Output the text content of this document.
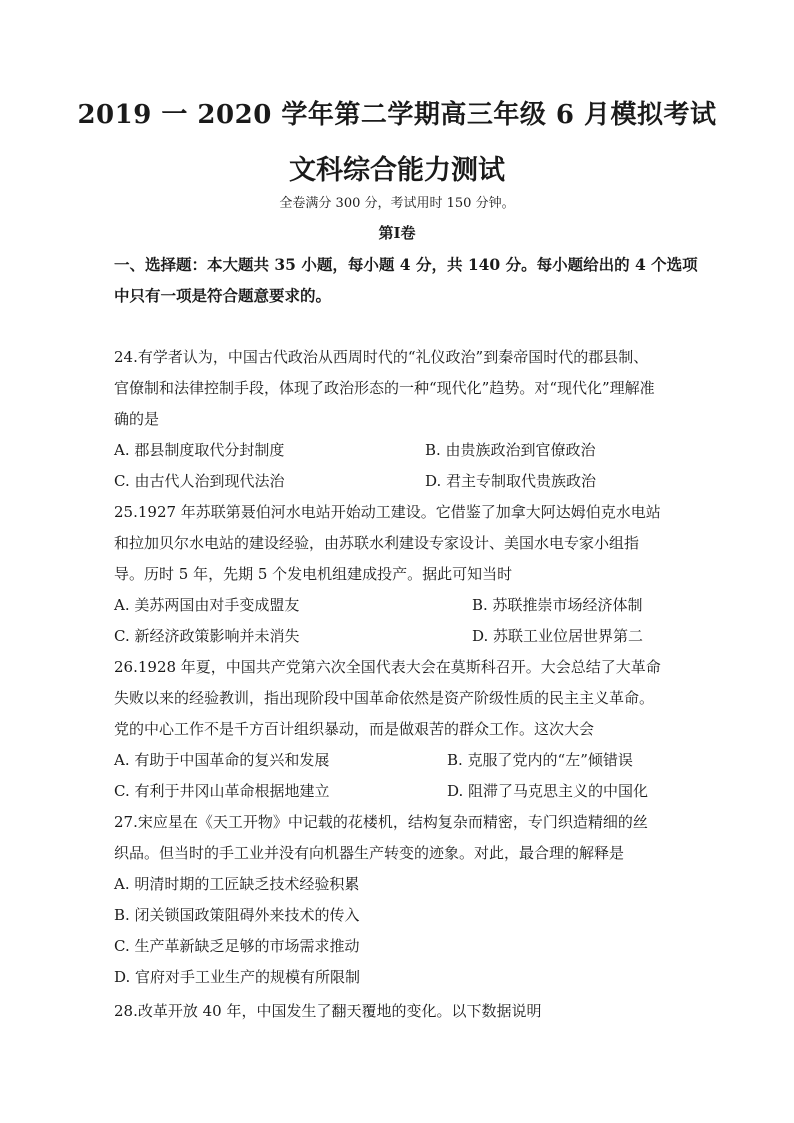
2019 一 2020 学年第二学期高三年级 6 月模拟考试
文科综合能力测试
全卷满分 300 分，考试用时 150 分钟。
第Ⅰ卷
一、选择题：本大题共 35 小题，每小题 4 分，共 140 分。每小题给出的 4 个选项
中只有一项是符合题意要求的。
24.有学者认为，中国古代政治从西周时代的“礼仪政治”到秦帝国时代的郡县制、
官僚制和法律控制手段，体现了政治形态的一种“现代化”趋势。对“现代化”理解准
确的是
A. 郡县制度取代分封制度	B. 由贵族政治到官僚政治
C. 由古代人治到现代法治	D. 君主专制取代贵族政治
25.1927 年苏联第聂伯河水电站开始动工建设。它借鉴了加拿大阿达姆伯克水电站
和拉加贝尔水电站的建设经验，由苏联水利建设专家设计、美国水电专家小组指
导。历时 5 年，先期 5 个发电机组建成投产。据此可知当时
A. 美苏两国由对手变成盟友	B. 苏联推崇市场经济体制
C. 新经济政策影响并未消失	D. 苏联工业位居世界第二
26.1928 年夏，中国共产党第六次全国代表大会在莫斯科召开。大会总结了大革命
失败以来的经验教训，指出现阶段中国革命依然是资产阶级性质的民主主义革命。
党的中心工作不是千方百计组织暴动，而是做艰苦的群众工作。这次大会
A. 有助于中国革命的复兴和发展	B. 克服了党内的“左”倾错误
C. 有利于井冈山革命根据地建立	D. 阻滞了马克思主义的中国化
27.宋应星在《天工开物》中记载的花楼机，结构复杂而精密，专门织造精细的丝
织品。但当时的手工业并没有向机器生产转变的迹象。对此，最合理的解释是
A. 明清时期的工匠缺乏技术经验积累
B. 闭关锁国政策阻碍外来技术的传入
C. 生产革新缺乏足够的市场需求推动
D. 官府对手工业生产的规模有所限制
28.改革开放 40 年，中国发生了翻天覆地的变化。以下数据说明
